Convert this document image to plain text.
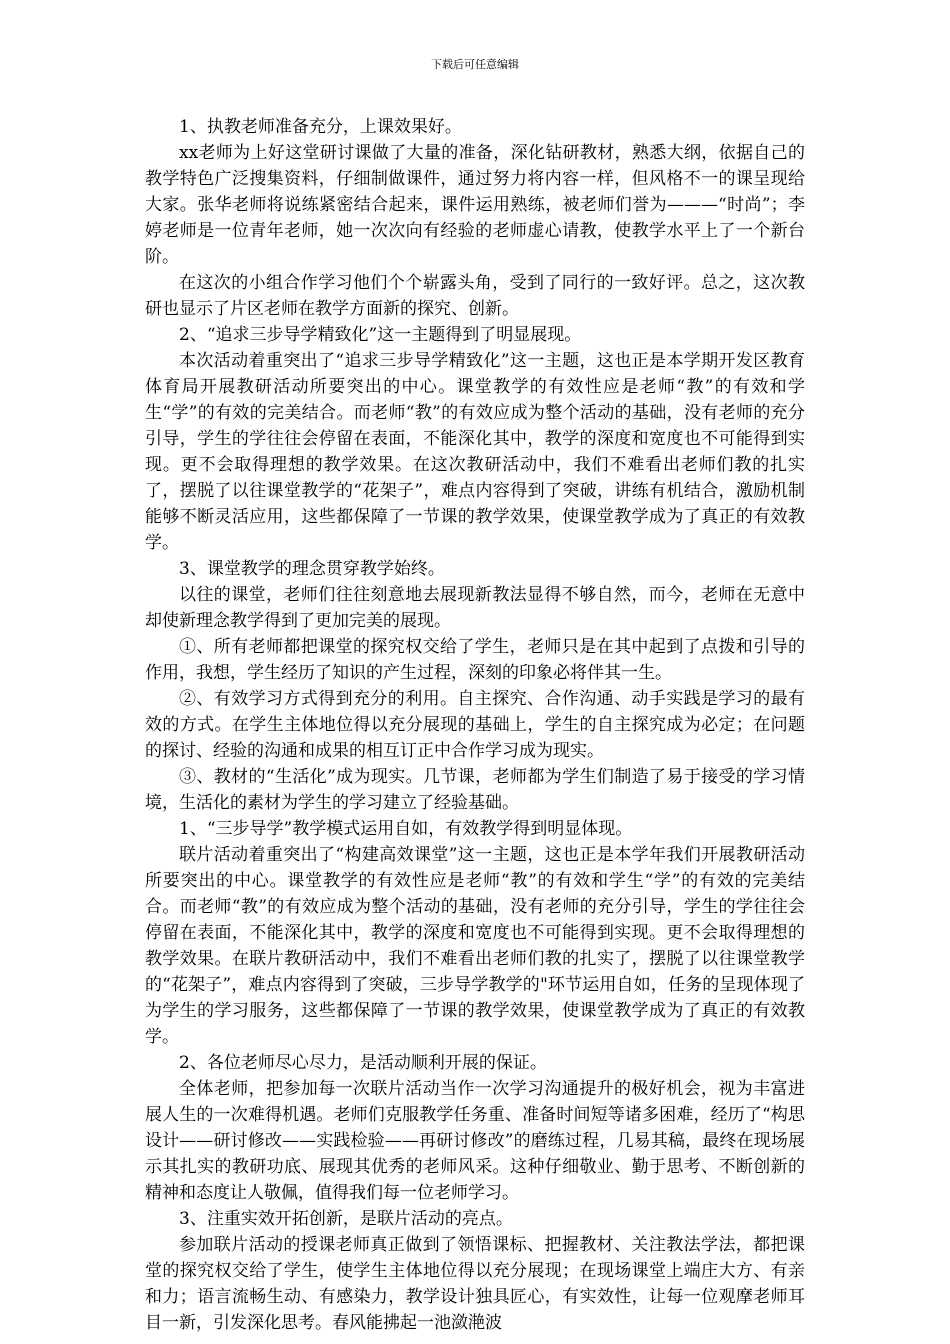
下载后可任意编辑

1、执教老师准备充分，上课效果好。

xx老师为上好这堂研讨课做了大量的准备，深化钻研教材，熟悉大纲，依据自己的教学特色广泛搜集资料，仔细制做课件，通过努力将内容一样，但风格不一的课呈现给大家。张华老师将说练紧密结合起来，课件运用熟练，被老师们誉为———“时尚”；李婷老师是一位青年老师，她一次次向有经验的老师虚心请教，使教学水平上了一个新台阶。

在这次的小组合作学习他们个个崭露头角，受到了同行的一致好评。总之，这次教研也显示了片区老师在教学方面新的探究、创新。

2、“追求三步导学精致化”这一主题得到了明显展现。

本次活动着重突出了“追求三步导学精致化”这一主题，这也正是本学期开发区教育体育局开展教研活动所要突出的中心。课堂教学的有效性应是老师“教”的有效和学生“学”的有效的完美结合。而老师“教”的有效应成为整个活动的基础，没有老师的充分引导，学生的学往往会停留在表面，不能深化其中，教学的深度和宽度也不可能得到实现。更不会取得理想的教学效果。在这次教研活动中，我们不难看出老师们教的扎实了，摆脱了以往课堂教学的“花架子”，难点内容得到了突破，讲练有机结合，激励机制能够不断灵活应用，这些都保障了一节课的教学效果，使课堂教学成为了真正的有效教学。

3、课堂教学的理念贯穿教学始终。

以往的课堂，老师们往往刻意地去展现新教法显得不够自然，而今，老师在无意中却使新理念教学得到了更加完美的展现。

①、所有老师都把课堂的探究权交给了学生，老师只是在其中起到了点拨和引导的作用，我想，学生经历了知识的产生过程，深刻的印象必将伴其一生。

②、有效学习方式得到充分的利用。自主探究、合作沟通、动手实践是学习的最有效的方式。在学生主体地位得以充分展现的基础上，学生的自主探究成为必定；在问题的探讨、经验的沟通和成果的相互订正中合作学习成为现实。

③、教材的“生活化”成为现实。几节课，老师都为学生们制造了易于接受的学习情境，生活化的素材为学生的学习建立了经验基础。

1、“三步导学”教学模式运用自如，有效教学得到明显体现。

联片活动着重突出了“构建高效课堂”这一主题，这也正是本学年我们开展教研活动所要突出的中心。课堂教学的有效性应是老师“教”的有效和学生“学”的有效的完美结合。而老师“教”的有效应成为整个活动的基础，没有老师的充分引导，学生的学往往会停留在表面，不能深化其中，教学的深度和宽度也不可能得到实现。更不会取得理想的教学效果。在联片教研活动中，我们不难看出老师们教的扎实了，摆脱了以往课堂教学的“花架子”，难点内容得到了突破，三步导学教学的"环节运用自如，任务的呈现体现了为学生的学习服务，这些都保障了一节课的教学效果，使课堂教学成为了真正的有效教学。

2、各位老师尽心尽力，是活动顺利开展的保证。

全体老师，把参加每一次联片活动当作一次学习沟通提升的极好机会，视为丰富进展人生的一次难得机遇。老师们克服教学任务重、准备时间短等诸多困难，经历了“构思设计——研讨修改——实践检验——再研讨修改”的磨练过程，几易其稿，最终在现场展示其扎实的教研功底、展现其优秀的老师风采。这种仔细敬业、勤于思考、不断创新的精神和态度让人敬佩，值得我们每一位老师学习。

3、注重实效开拓创新，是联片活动的亮点。

参加联片活动的授课老师真正做到了领悟课标、把握教材、关注教法学法，都把课堂的探究权交给了学生，使学生主体地位得以充分展现；在现场课堂上端庄大方、有亲和力；语言流畅生动、有感染力，教学设计独具匠心，有实效性，让每一位观摩老师耳目一新，引发深化思考。春风能拂起一池潋滟波
